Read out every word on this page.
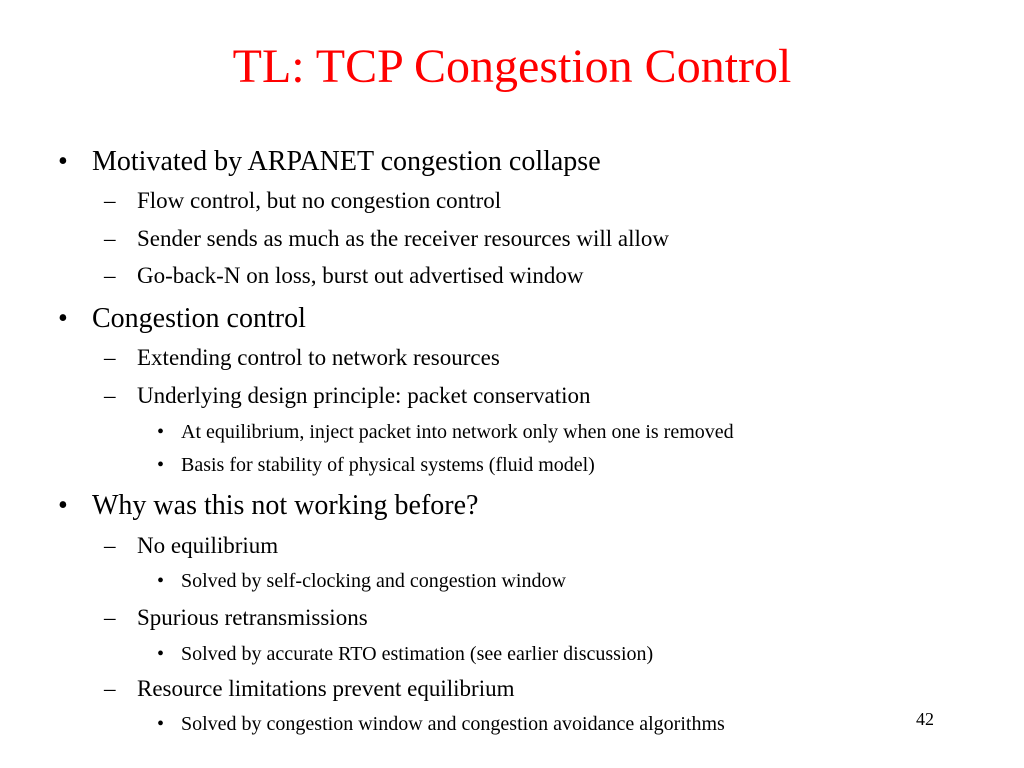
TL: TCP Congestion Control
• Motivated by ARPANET congestion collapse
– Flow control, but no congestion control
– Sender sends as much as the receiver resources will allow
– Go-back-N on loss, burst out advertised window
• Congestion control
– Extending control to network resources
– Underlying design principle: packet conservation
• At equilibrium, inject packet into network only when one is removed
• Basis for stability of physical systems (fluid model)
• Why was this not working before?
– No equilibrium
• Solved by self-clocking and congestion window
– Spurious retransmissions
• Solved by accurate RTO estimation (see earlier discussion)
– Resource limitations prevent equilibrium
• Solved by congestion window and congestion avoidance algorithms	42
